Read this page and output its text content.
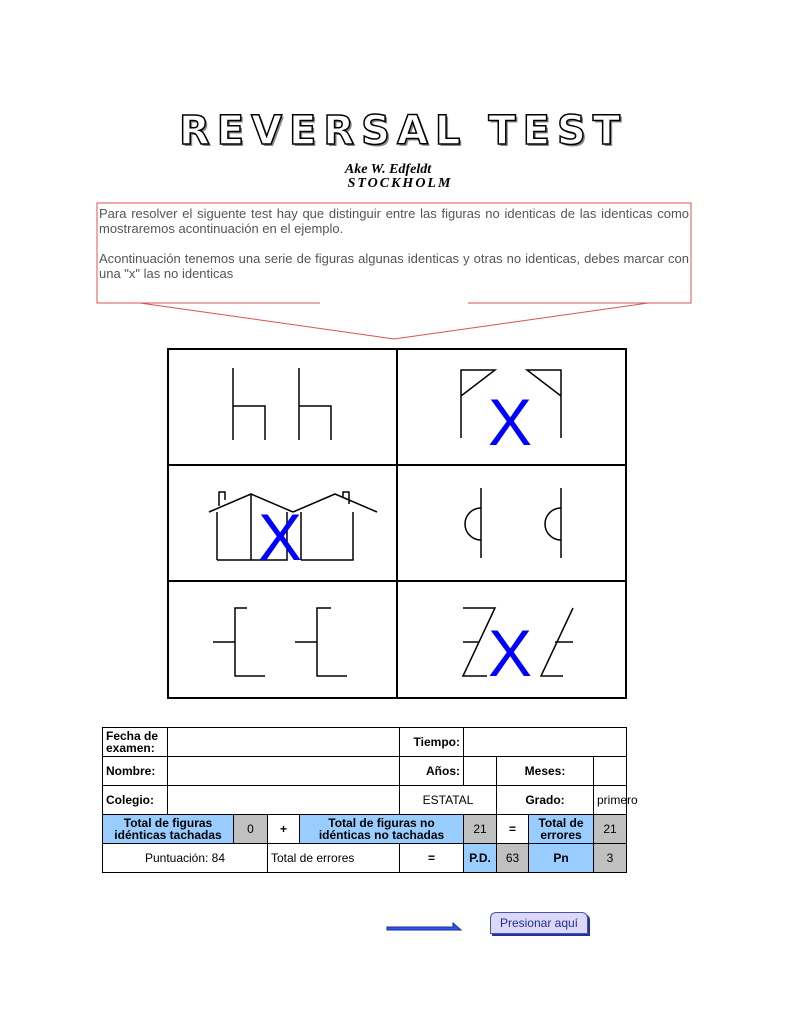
REVERSAL TEST
Ake W. Edfeldt
STOCKHOLM

Para resolver el siguente test hay que distinguir entre las figuras no identicas de las identicas como mostraremos acontinuación en el ejemplo.

Acontinuación tenemos una serie de figuras algunas identicas y otras no identicas, debes marcar con una "x" las no identicas

X
X
X
Fecha de examen:					Tiempo:				
Nombre:					Años:		Meses:		
Colegio:					ESTATAL		Grado:		primero
Total de figuras idénticas tachadas		0	+	Total de figuras no idénticas no tachadas		21	=	Total de errores	21
Puntuación: 84			Total de errores		=	P.D.	63	Pn	3
Presionar aquí
